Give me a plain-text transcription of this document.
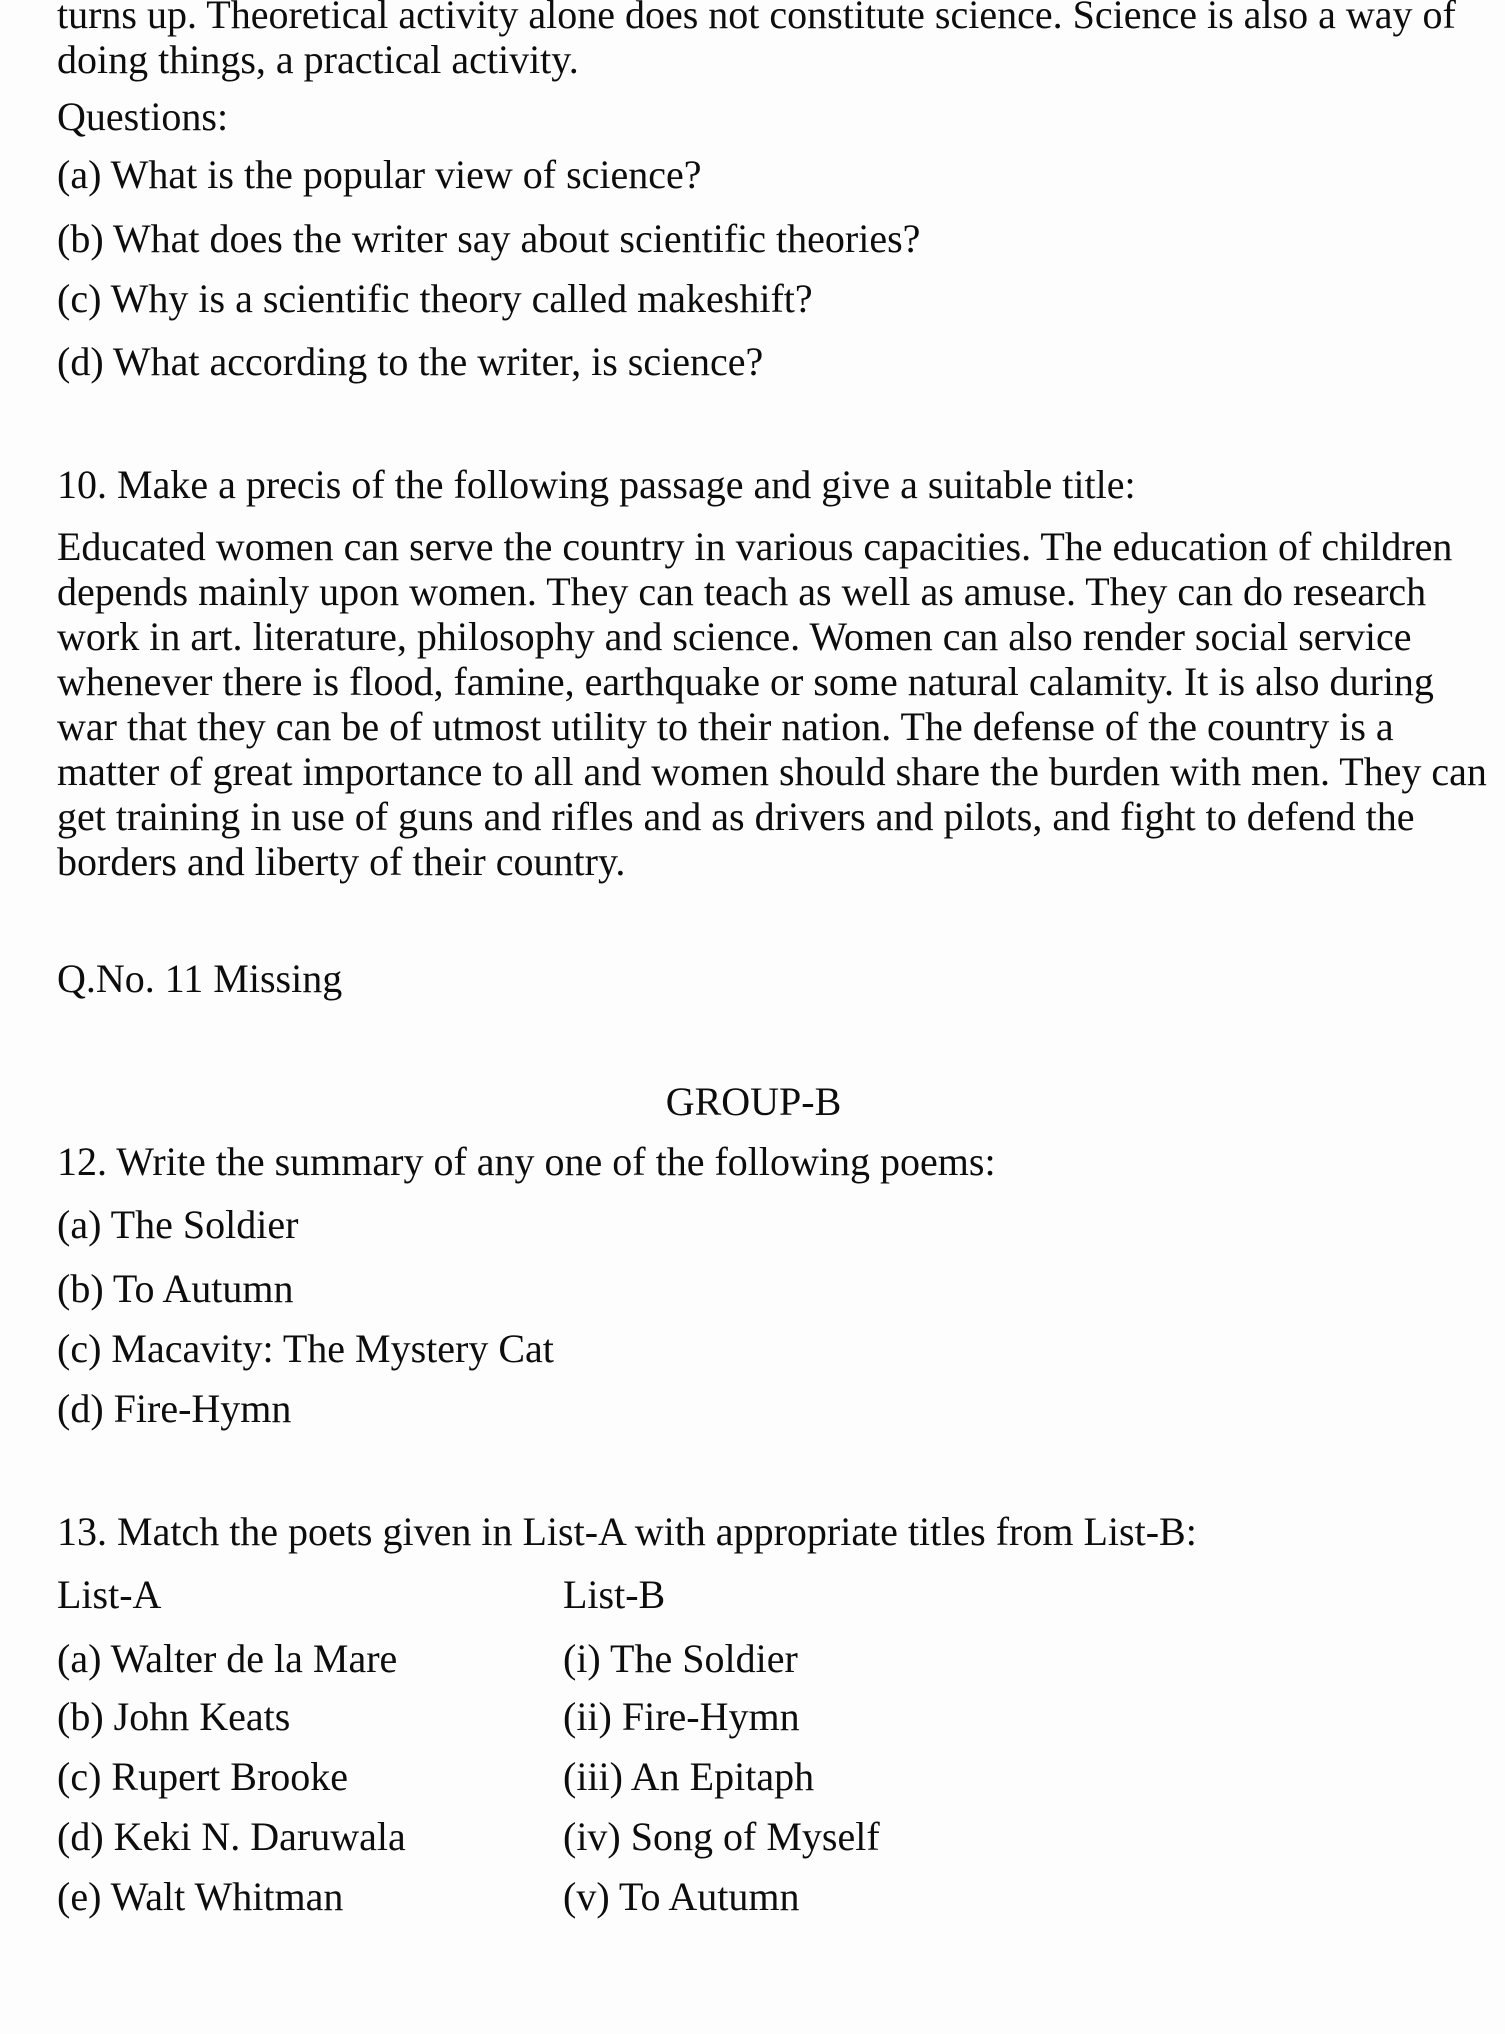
turns up. Theoretical activity alone does not constitute science. Science is also a way of
doing things, a practical activity.
Questions:
(a) What is the popular view of science?
(b) What does the writer say about scientific theories?
(c) Why is a scientific theory called makeshift?
(d) What according to the writer, is science?
10. Make a precis of the following passage and give a suitable title:
Educated women can serve the country in various capacities. The education of children
depends mainly upon women. They can teach as well as amuse. They can do research
work in art. literature, philosophy and science. Women can also render social service
whenever there is flood, famine, earthquake or some natural calamity. It is also during
war that they can be of utmost utility to their nation. The defense of the country is a
matter of great importance to all and women should share the burden with men. They can
get training in use of guns and rifles and as drivers and pilots, and fight to defend the
borders and liberty of their country.
Q.No. 11 Missing
GROUP-B
12. Write the summary of any one of the following poems:
(a) The Soldier
(b) To Autumn
(c) Macavity: The Mystery Cat
(d) Fire-Hymn
13. Match the poets given in List-A with appropriate titles from List-B:
List-A	List-B
(a) Walter de la Mare	(i) The Soldier
(b) John Keats	(ii) Fire-Hymn
(c) Rupert Brooke	(iii) An Epitaph
(d) Keki N. Daruwala	(iv) Song of Myself
(e) Walt Whitman	(v) To Autumn
